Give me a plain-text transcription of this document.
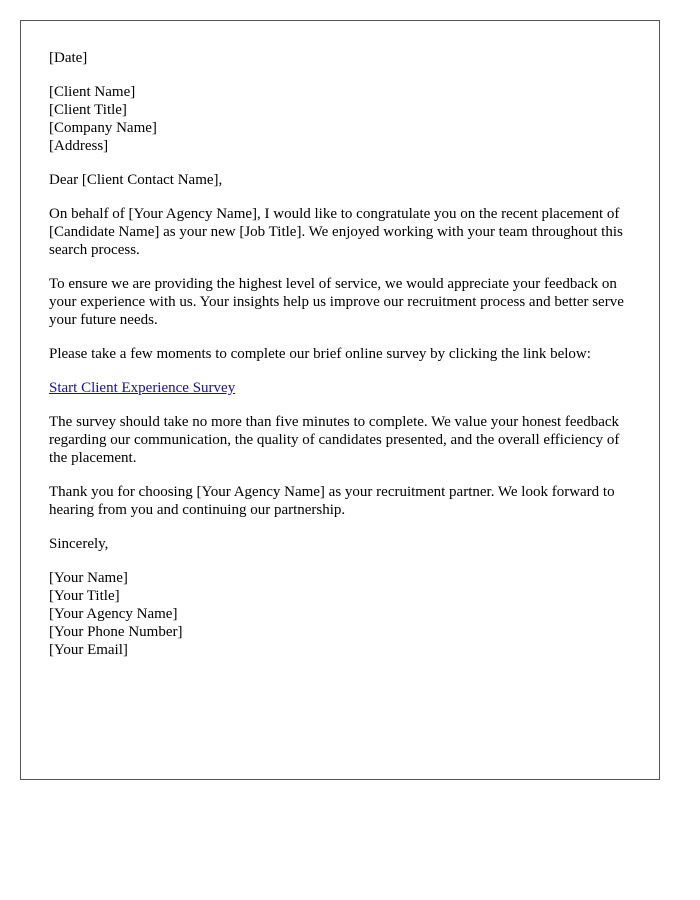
[Date]
[Client Name]
[Client Title]
[Company Name]
[Address]

Dear [Client Contact Name],

On behalf of [Your Agency Name], I would like to congratulate you on the recent placement of [Candidate Name] as your new [Job Title]. We enjoyed working with your team throughout this search process.

To ensure we are providing the highest level of service, we would appreciate your feedback on your experience with us. Your insights help us improve our recruitment process and better serve your future needs.

Please take a few moments to complete our brief online survey by clicking the link below:

Start Client Experience Survey

The survey should take no more than five minutes to complete. We value your honest feedback regarding our communication, the quality of candidates presented, and the overall efficiency of the placement.

Thank you for choosing [Your Agency Name] as your recruitment partner. We look forward to hearing from you and continuing our partnership.

Sincerely,

[Your Name]
[Your Title]
[Your Agency Name]
[Your Phone Number]
[Your Email]
